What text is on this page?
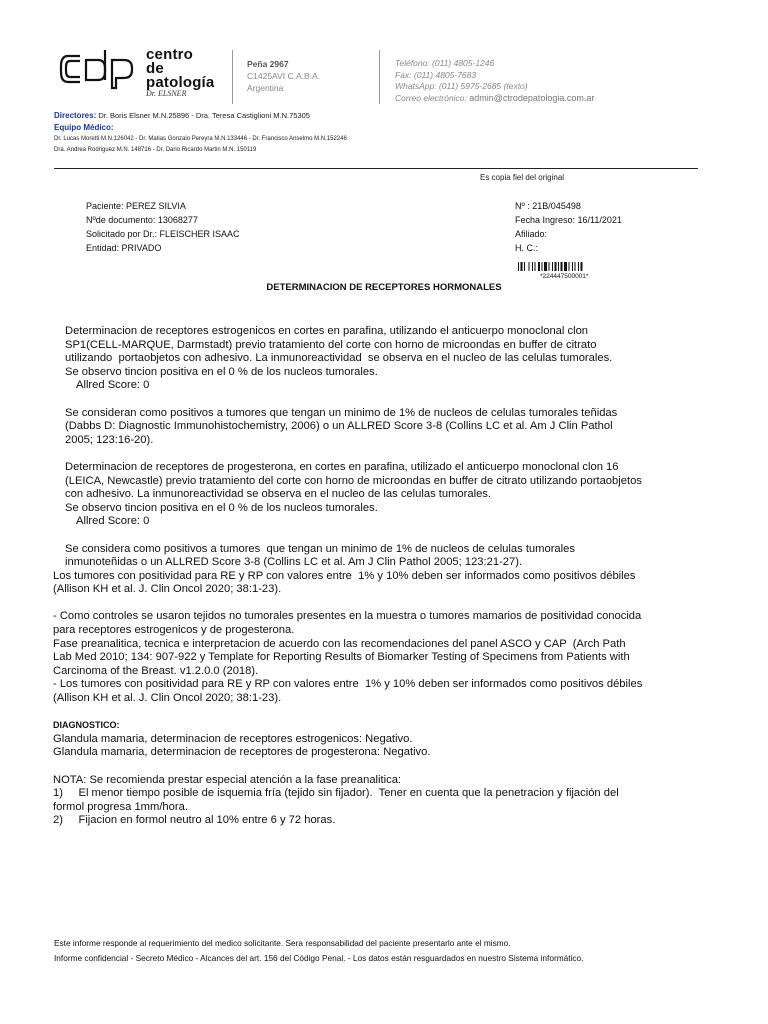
centro
de
patología
Dr. ELSNER
Peña 2967
C1425AVI C.A.B.A.
Argentina
Teléfono: (011) 4805-1246
Fax: (011) 4805-7683
WhatsApp: (011) 5975-2685 (texto)
Correo electrónico: admin@ctrodepatologia.com.ar
Directores: Dr. Boris Elsner M.N.25896 - Dra. Teresa Castiglioni M.N.75305
Equipo Médico:
Dr. Lucas Moretti M.N.126042 - Dr. Matias Gonzalo Pereyra M.N.133446 - Dr. Francisco Anselmo M.N.152246
Dra. Andrea Rodriguez M.N. 148716 - Dr. Dario Ricardo Martin M.N. 150119
Es copia fiel del original
Paciente: PEREZ SILVIA
Nºde documento: 13068277
Solicitado por Dr.: FLEISCHER ISAAC
Entidad: PRIVADO
Nº : 21B/045498
Fecha Ingreso: 16/11/2021
Afiliado:
H. C.:
*224447500001*
DETERMINACION DE RECEPTORES HORMONALES

Determinacion de receptores estrogenicos en cortes en parafina, utilizando el anticuerpo monoclonal clon SP1(CELL-MARQUE, Darmstadt) previo tratamiento del corte con horno de microondas en buffer de citrato utilizando  portaobjetos con adhesivo. La inmunoreactividad  se observa en el nucleo de las celulas tumorales.

Se observo tincion positiva en el 0 % de los nucleos tumorales.

Allred Score: 0

Se consideran como positivos a tumores que tengan un minimo de 1% de nucleos de celulas tumorales teñidas  (Dabbs D: Diagnostic Immunohistochemistry, 2006) o un ALLRED Score 3-8 (Collins LC et al. Am J Clin Pathol 2005; 123:16-20).

Determinacion de receptores de progesterona, en cortes en parafina, utilizado el anticuerpo monoclonal clon 16 (LEICA, Newcastle) previo tratamiento del corte con horno de microondas en buffer de citrato utilizando portaobjetos con adhesivo. La inmunoreactividad se observa en el nucleo de las celulas tumorales.

Se observo tincion positiva en el 0 % de los nucleos tumorales.

Allred Score: 0

Se considera como positivos a tumores  que tengan un minimo de 1% de nucleos de celulas tumorales inmunoteñidas o un ALLRED Score 3-8 (Collins LC et al. Am J Clin Pathol 2005; 123:21-27).

Los tumores con positividad para RE y RP con valores entre  1% y 10% deben ser informados como positivos débiles (Allison KH et al. J. Clin Oncol 2020; 38:1-23).

- Como controles se usaron tejidos no tumorales presentes en la muestra o tumores mamarios de positividad conocida para receptores estrogenicos y de progesterona.

Fase preanalitica, tecnica e interpretacion de acuerdo con las recomendaciones del panel ASCO y CAP  (Arch Path Lab Med 2010; 134: 907-922 y Template for Reporting Results of Biomarker Testing of Specimens from Patients with Carcinoma of the Breast. v1.2.0.0 (2018).

- Los tumores con positividad para RE y RP con valores entre  1% y 10% deben ser informados como positivos débiles (Allison KH et al. J. Clin Oncol 2020; 38:1-23).

DIAGNOSTICO:

Glandula mamaria, determinacion de receptores estrogenicos: Negativo.

Glandula mamaria, determinacion de receptores de progesterona: Negativo.

NOTA: Se recomienda prestar especial atención a la fase preanalitica:

1)     El menor tiempo posible de isquemia fría (tejido sin fijador).  Tener en cuenta que la penetracion y fijación del formol progresa 1mm/hora.

2)     Fijacion en formol neutro al 10% entre 6 y 72 horas.

Este informe responde al requerimiento del medico solicitante. Sera responsabilidad del paciente presentarlo ante el mismo.
Informe confidencial - Secreto Médico - Alcances del art. 156 del Código Penal. - Los datos están resguardados en nuestro Sistema informático.
